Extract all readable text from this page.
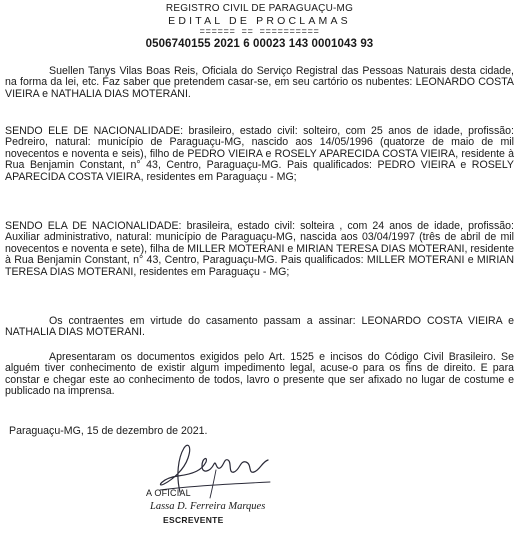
REGISTRO CIVIL DE PARAGUAÇU-MG
EDITAL DE PROCLAMAS
====== == ==========
0506740155 2021 6 00023 143 0001043 93

Suellen Tanys Vilas Boas Reis, Oficiala do Serviço Registral das Pessoas Naturais desta cidade, na forma da lei, etc. Faz saber que pretendem casar-se, em seu cartório os nubentes: LEONARDO COSTA VIEIRA e NATHALIA DIAS MOTERANI.

SENDO ELE DE NACIONALIDADE: brasileiro, estado civil: solteiro, com 25 anos de idade, profissão: Pedreiro, natural: município de Paraguaçu-MG, nascido aos 14/05/1996 (quatorze de maio de mil novecentos e noventa e seis), filho de PEDRO VIEIRA e ROSELY APARECIDA COSTA VIEIRA, residente à Rua Benjamin Constant, n° 43, Centro, Paraguaçu-MG. Pais qualificados: PEDRO VIEIRA e ROSELY APARECIDA COSTA VIEIRA, residentes em Paraguaçu - MG;

SENDO ELA DE NACIONALIDADE: brasileira, estado civil: solteira , com 24 anos de idade, profissão: Auxiliar administrativo, natural: município de Paraguaçu-MG, nascida aos 03/04/1997 (três de abril de mil novecentos e noventa e sete), filha de MILLER MOTERANI e MIRIAN TERESA DIAS MOTERANI, residente à Rua Benjamin Constant, n° 43, Centro, Paraguaçu-MG. Pais qualificados: MILLER MOTERANI e MIRIAN TERESA DIAS MOTERANI, residentes em Paraguaçu - MG;

Os contraentes em virtude do casamento passam a assinar: LEONARDO COSTA VIEIRA e NATHALIA DIAS MOTERANI.

Apresentaram os documentos exigidos pelo Art. 1525 e incisos do Código Civil Brasileiro. Se alguém tiver conhecimento de existir algum impedimento legal, acuse-o para os fins de direito. E para constar e chegar este ao conhecimento de todos, lavro o presente que ser afixado no lugar de costume e publicado na imprensa.

Paraguaçu-MG, 15 de dezembro de 2021.

A OFICIAL
Lassa D. Ferreira Marques
ESCREVENTE
